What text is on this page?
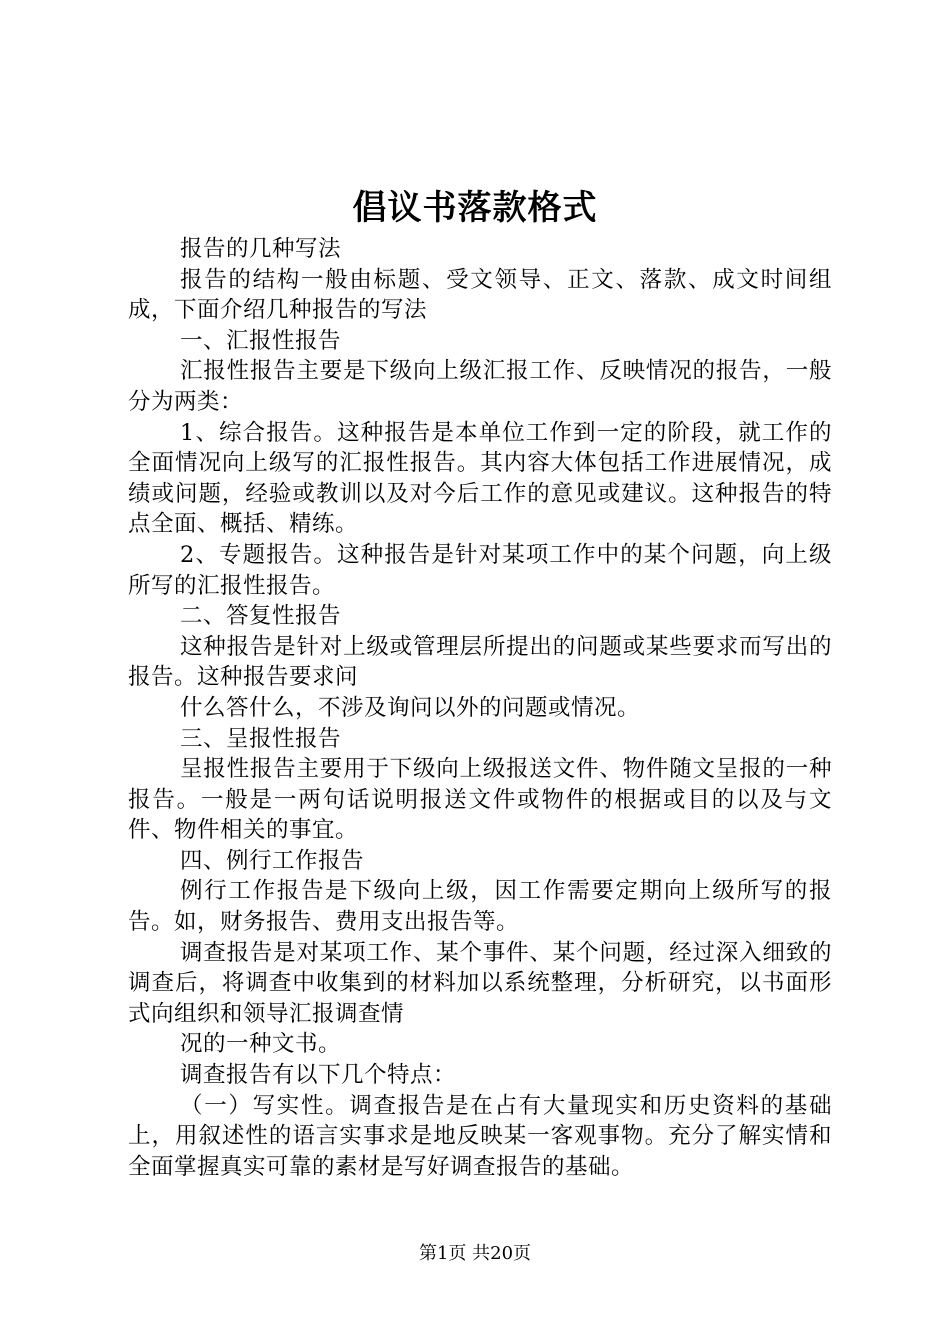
倡议书落款格式

报告的几种写法

报告的结构一般由标题、受文领导、正文、落款、成文时间组成，下面介绍几种报告的写法

一、汇报性报告

汇报性报告主要是下级向上级汇报工作、反映情况的报告，一般分为两类：

1、综合报告。这种报告是本单位工作到一定的阶段，就工作的全面情况向上级写的汇报性报告。其内容大体包括工作进展情况，成绩或问题，经验或教训以及对今后工作的意见或建议。这种报告的特点全面、概括、精练。

2、专题报告。这种报告是针对某项工作中的某个问题，向上级所写的汇报性报告。

二、答复性报告

这种报告是针对上级或管理层所提出的问题或某些要求而写出的报告。这种报告要求问

什么答什么，不涉及询问以外的问题或情况。

三、呈报性报告

呈报性报告主要用于下级向上级报送文件、物件随文呈报的一种报告。一般是一两句话说明报送文件或物件的根据或目的以及与文件、物件相关的事宜。

四、例行工作报告

例行工作报告是下级向上级，因工作需要定期向上级所写的报告。如，财务报告、费用支出报告等。

调查报告是对某项工作、某个事件、某个问题，经过深入细致的调查后，将调查中收集到的材料加以系统整理，分析研究，以书面形式向组织和领导汇报调查情

况的一种文书。

调查报告有以下几个特点：

（一）写实性。调查报告是在占有大量现实和历史资料的基础上，用叙述性的语言实事求是地反映某一客观事物。充分了解实情和全面掌握真实可靠的素材是写好调查报告的基础。

第1页 共20页
